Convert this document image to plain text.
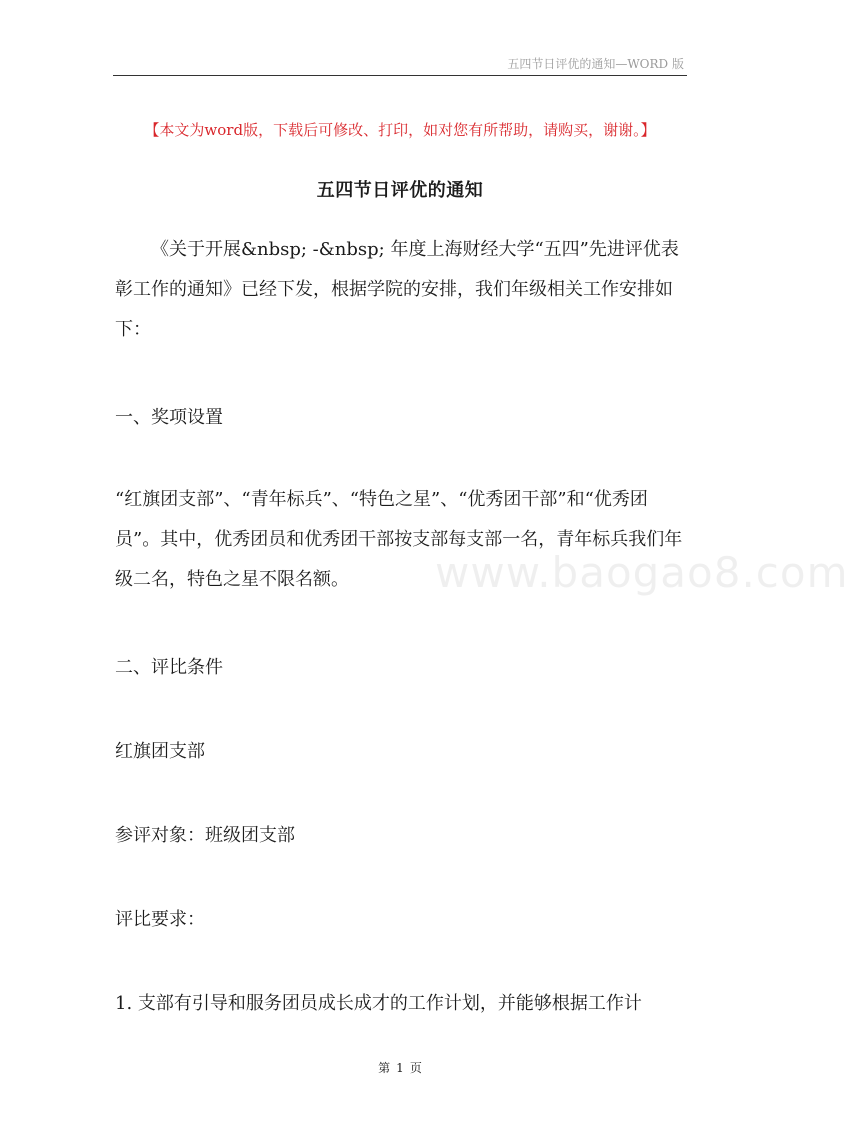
五四节日评优的通知—WORD 版
【本文为word版，下载后可修改、打印，如对您有所帮助，请购买，谢谢。】
五四节日评优的通知

《关于开展&nbsp; -&nbsp; 年度上海财经大学“五四”先进评优表彰工作的通知》已经下发，根据学院的安排，我们年级相关工作安排如下：

一、奖项设置

“红旗团支部”、“青年标兵”、“特色之星”、“优秀团干部”和“优秀团员”。其中，优秀团员和优秀团干部按支部每支部一名，青年标兵我们年级二名，特色之星不限名额。

二、评比条件

红旗团支部

参评对象：班级团支部

评比要求：

1. 支部有引导和服务团员成长成才的工作计划，并能够根据工作计

www.baogao8.com
第 1 页
